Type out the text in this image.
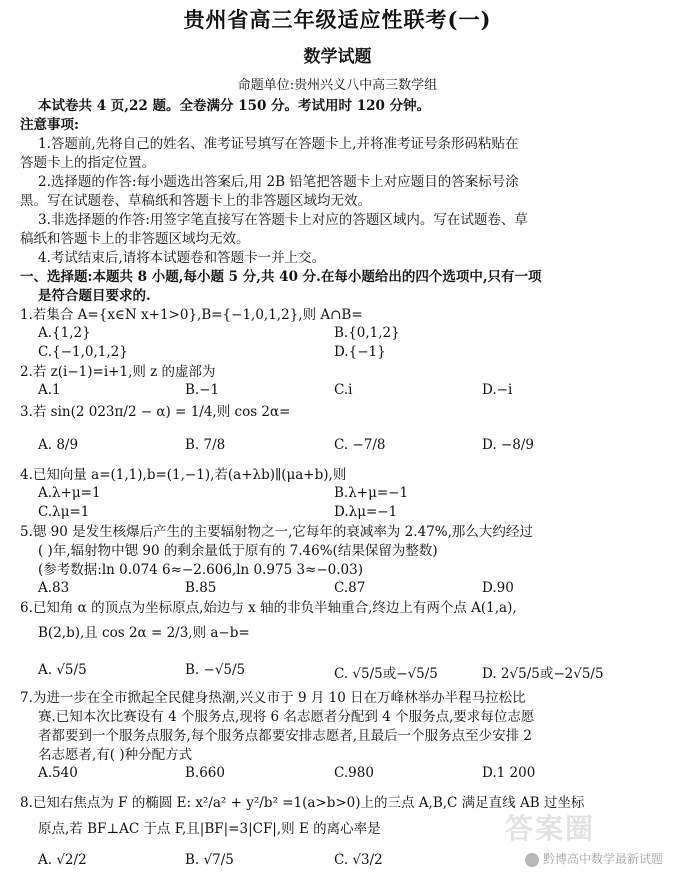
贵州省高三年级适应性联考(一)
数学试题
命题单位:贵州兴义八中高三数学组
本试卷共 4 页,22 题。全卷满分 150 分。考试用时 120 分钟。
注意事项:
1.答题前,先将自己的姓名、准考证号填写在答题卡上,并将准考证号条形码粘贴在
答题卡上的指定位置。
2.选择题的作答:每小题选出答案后,用 2B 铅笔把答题卡上对应题目的答案标号涂
黑。写在试题卷、草稿纸和答题卡上的非答题区域均无效。
3.非选择题的作答:用签字笔直接写在答题卡上对应的答题区域内。写在试题卷、草
稿纸和答题卡上的非答题区域均无效。
4.考试结束后,请将本试题卷和答题卡一并上交。
一、选择题:本题共 8 小题,每小题 5 分,共 40 分.在每小题给出的四个选项中,只有一项
是符合题目要求的.
1.若集合 A={x∈N x+1>0},B={−1,0,1,2},则 A∩B=
A.{1,2}	B.{0,1,2}
C.{−1,0,1,2}	D.{−1}
2.若 z(i−1)=i+1,则 z 的虚部为
A.1	B.−1	C.i	D.−i
3.若 sin(2 023π/2 − α) = 1/4,则 cos 2α=
A. 8/9	B. 7/8	C. −7/8	D. −8/9
4.已知向量 a=(1,1),b=(1,−1),若(a+λb)∥(μa+b),则
A.λ+μ=1	B.λ+μ=−1
C.λμ=1	D.λμ=−1
5.锶 90 是发生核爆后产生的主要辐射物之一,它每年的衰减率为 2.47%,那么大约经过
( )年,辐射物中锶 90 的剩余量低于原有的 7.46%(结果保留为整数)
(参考数据:ln 0.074 6≈−2.606,ln 0.975 3≈−0.03)
A.83	B.85	C.87	D.90
6.已知角 α 的顶点为坐标原点,始边与 x 轴的非负半轴重合,终边上有两个点 A(1,a),
B(2,b),且 cos 2α = 2/3,则 a−b=
A. √5/5	B. −√5/5	C. √5/5或−√5/5	D. 2√5/5或−2√5/5
7.为进一步在全市掀起全民健身热潮,兴义市于 9 月 10 日在万峰林举办半程马拉松比
赛.已知本次比赛设有 4 个服务点,现将 6 名志愿者分配到 4 个服务点,要求每位志愿
者都要到一个服务点服务,每个服务点都要安排志愿者,且最后一个服务点至少安排 2
名志愿者,有( )种分配方式
A.540	B.660	C.980	D.1 200
8.已知右焦点为 F 的椭圆 E: x²/a² + y²/b² =1(a>b>0)上的三点 A,B,C 满足直线 AB 过坐标
原点,若 BF⊥AC 于点 F,且|BF|=3|CF|,则 E 的离心率是
A. √2/2	B. √7/5	C. √3/2
答案圈
黔博高中数学最新试题
